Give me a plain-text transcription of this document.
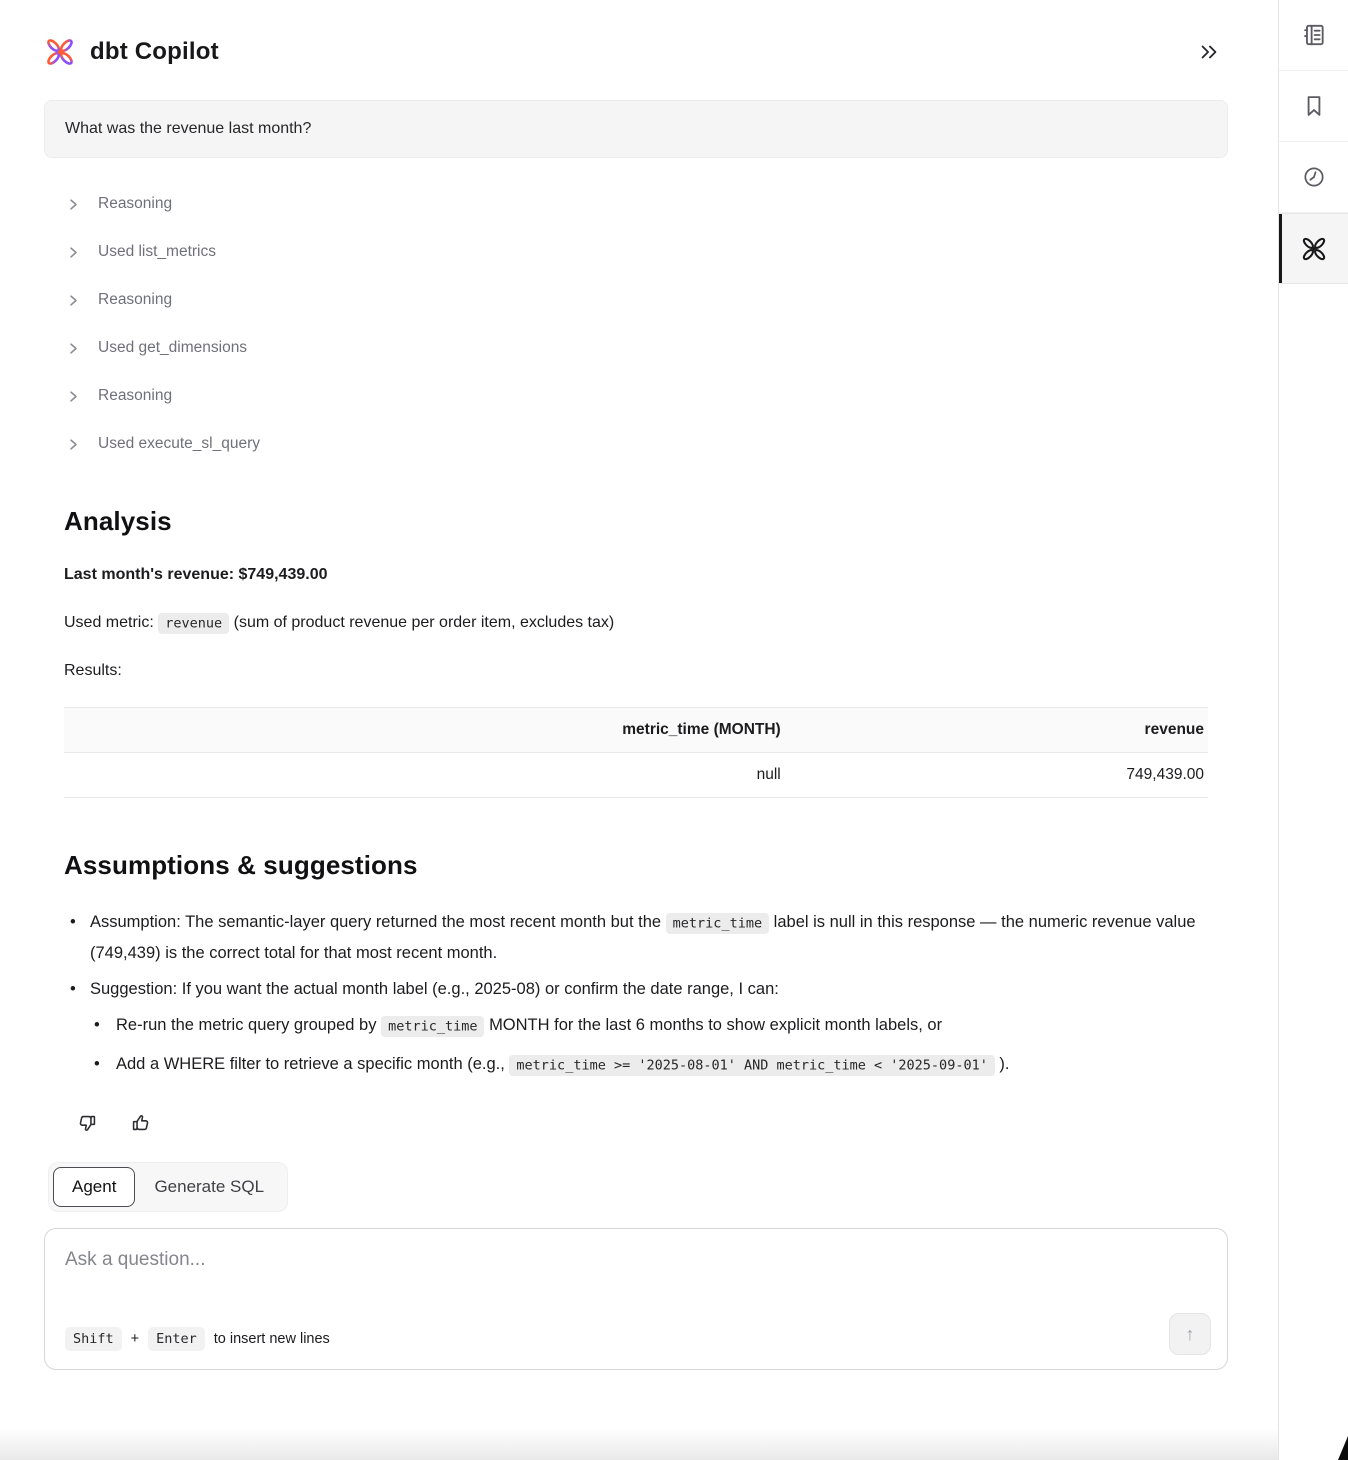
dbt Copilot
What was the revenue last month?
Reasoning
Used list_metrics
Reasoning
Used get_dimensions
Reasoning
Used execute_sl_query
Analysis

Last month's revenue: $749,439.00

Used metric: revenue (sum of product revenue per order item, excludes tax)

Results:

metric_time (MONTH)	revenue
null	749,439.00
Assumptions & suggestions
• Assumption: The semantic-layer query returned the most recent month but the metric_time label is null in this response — the numeric revenue value (749,439) is the correct total for that most recent month.
• Suggestion: If you want the actual month label (e.g., 2025-08) or confirm the date range, I can:
• Re-run the metric query grouped by metric_time MONTH for the last 6 months to show explicit month labels, or
• Add a WHERE filter to retrieve a specific month (e.g., metric_time >= '2025-08-01' AND metric_time < '2025-09-01' ).
Agent	Generate SQL
Ask a question...
Shift	+	Enter	to insert new lines	↑
